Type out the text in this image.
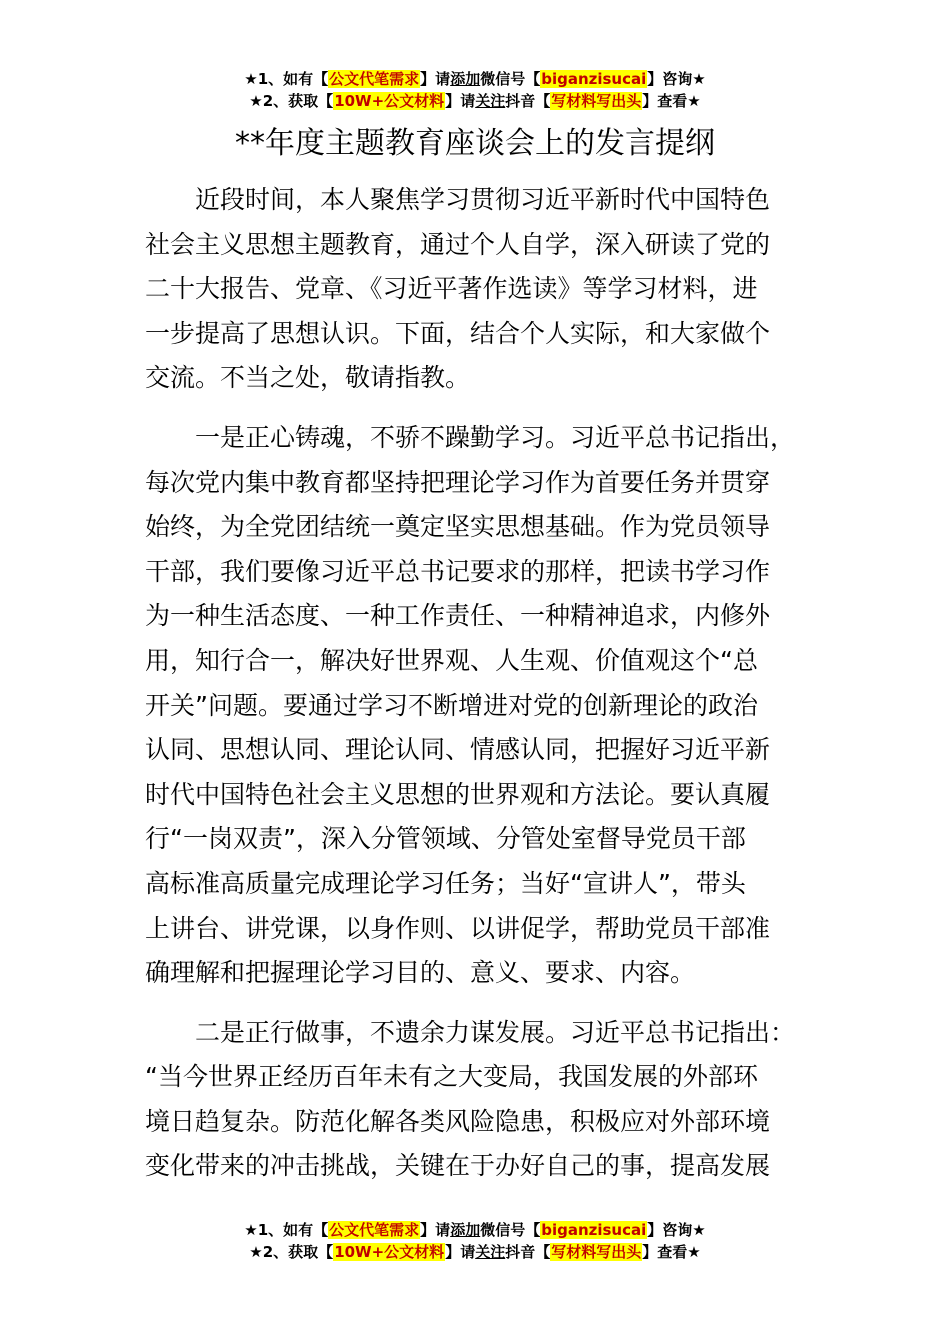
★1、如有【公文代笔需求】请添加微信号【biganzisucai】咨询★
★2、获取【10W+公文材料】请关注抖音【写材料写出头】查看★
**年度主题教育座谈会上的发言提纲
近段时间，本人聚焦学习贯彻习近平新时代中国特色
社会主义思想主题教育，通过个人自学，深入研读了党的
二十大报告、党章、《习近平著作选读》等学习材料，进
一步提高了思想认识。下面，结合个人实际，和大家做个
交流。不当之处，敬请指教。
一是正心铸魂，不骄不躁勤学习。习近平总书记指出，
每次党内集中教育都坚持把理论学习作为首要任务并贯穿
始终，为全党团结统一奠定坚实思想基础。作为党员领导
干部，我们要像习近平总书记要求的那样，把读书学习作
为一种生活态度、一种工作责任、一种精神追求，内修外
用，知行合一，解决好世界观、人生观、价值观这个“总
开关”问题。要通过学习不断增进对党的创新理论的政治
认同、思想认同、理论认同、情感认同，把握好习近平新
时代中国特色社会主义思想的世界观和方法论。要认真履
行“一岗双责”，深入分管领域、分管处室督导党员干部
高标准高质量完成理论学习任务；当好“宣讲人”，带头
上讲台、讲党课，以身作则、以讲促学，帮助党员干部准
确理解和把握理论学习目的、意义、要求、内容。
二是正行做事，不遗余力谋发展。习近平总书记指出：
“当今世界正经历百年未有之大变局，我国发展的外部环
境日趋复杂。防范化解各类风险隐患，积极应对外部环境
变化带来的冲击挑战，关键在于办好自己的事，提高发展
★1、如有【公文代笔需求】请添加微信号【biganzisucai】咨询★
★2、获取【10W+公文材料】请关注抖音【写材料写出头】查看★
